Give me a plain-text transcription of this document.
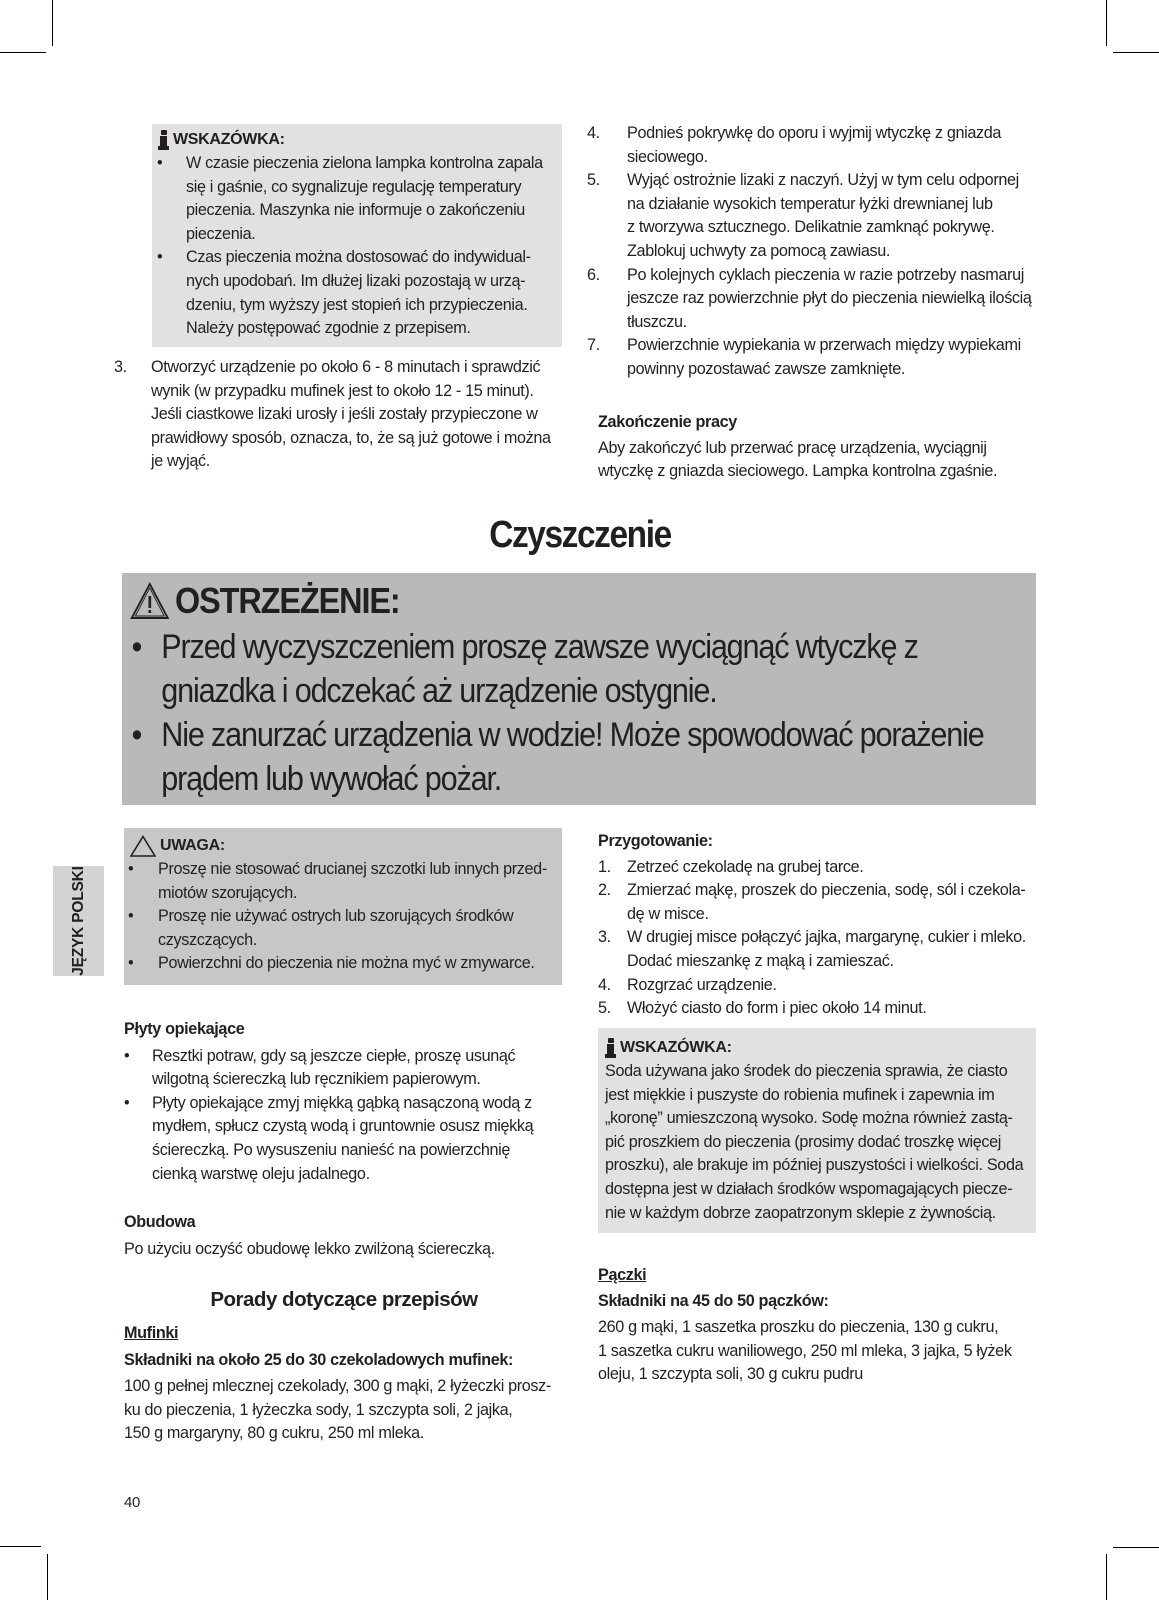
WSKAZÓWKA:
• W czasie pieczenia zielona lampka kontrolna zapala
się i gaśnie, co sygnalizuje regulację temperatury
pieczenia. Maszynka nie informuje o zakończeniu
pieczenia.
• Czas pieczenia można dostosować do indywidual-
nych upodobań. Im dłużej lizaki pozostają w urzą-
dzeniu, tym wyższy jest stopień ich przypieczenia.
Należy postępować zgodnie z przepisem.
3. Otworzyć urządzenie po około 6 - 8 minutach i sprawdzić
wynik (w przypadku mufinek jest to około 12 - 15 minut).
Jeśli ciastkowe lizaki urosły i jeśli zostały przypieczone w
prawidłowy sposób, oznacza, to, że są już gotowe i można
je wyjąć.
4. Podnieś pokrywkę do oporu i wyjmij wtyczkę z gniazda
sieciowego.
5. Wyjąć ostrożnie lizaki z naczyń. Użyj w tym celu odpornej
na działanie wysokich temperatur łyżki drewnianej lub
z tworzywa sztucznego. Delikatnie zamknąć pokrywę.
Zablokuj uchwyty za pomocą zawiasu.
6. Po kolejnych cyklach pieczenia w razie potrzeby nasmaruj
jeszcze raz powierzchnie płyt do pieczenia niewielką ilością
tłuszczu.
7. Powierzchnie wypiekania w przerwach między wypiekami
powinny pozostawać zawsze zamknięte.
Zakończenie pracy
Aby zakończyć lub przerwać pracę urządzenia, wyciągnij
wtyczkę z gniazda sieciowego. Lampka kontrolna zgaśnie.
Czyszczenie
OSTRZEŻENIE:
• Przed wyczyszczeniem proszę zawsze wyciągnąć wtyczkę z
gniazdka i odczekać aż urządzenie ostygnie.
• Nie zanurzać urządzenia w wodzie! Może spowodować porażenie
prądem lub wywołać pożar.
JĘZYK POLSKI
UWAGA:
• Proszę nie stosować drucianej szczotki lub innych przed-
miotów szorujących.
• Proszę nie używać ostrych lub szorujących środków
czyszczących.
• Powierzchni do pieczenia nie można myć w zmywarce.
Płyty opiekające
• Resztki potraw, gdy są jeszcze ciepłe, proszę usunąć
wilgotną ściereczką lub ręcznikiem papierowym.
• Płyty opiekające zmyj miękką gąbką nasączoną wodą z
mydłem, spłucz czystą wodą i gruntownie osusz miękką
ściereczką. Po wysuszeniu nanieść na powierzchnię
cienką warstwę oleju jadalnego.
Obudowa
Po użyciu oczyść obudowę lekko zwilżoną ściereczką.
Porady dotyczące przepisów
Mufinki
Składniki na około 25 do 30 czekoladowych mufinek:
100 g pełnej mlecznej czekolady, 300 g mąki, 2 łyżeczki prosz-
ku do pieczenia, 1 łyżeczka sody, 1 szczypta soli, 2 jajka,
150 g margaryny, 80 g cukru, 250 ml mleka.
40
Przygotowanie:
1. Zetrzeć czekoladę na grubej tarce.
2. Zmierzać mąkę, proszek do pieczenia, sodę, sól i czekola-
dę w misce.
3. W drugiej misce połączyć jajka, margarynę, cukier i mleko.
Dodać mieszankę z mąką i zamieszać.
4. Rozgrzać urządzenie.
5. Włożyć ciasto do form i piec około 14 minut.
WSKAZÓWKA:
Soda używana jako środek do pieczenia sprawia, że ciasto
jest miękkie i puszyste do robienia mufinek i zapewnia im
„koronę” umieszczoną wysoko. Sodę można również zastą-
pić proszkiem do pieczenia (prosimy dodać troszkę więcej
proszku), ale brakuje im później puszystości i wielkości. Soda
dostępna jest w działach środków wspomagających piecze-
nie w każdym dobrze zaopatrzonym sklepie z żywnością.
Pączki
Składniki na 45 do 50 pączków:
260 g mąki, 1 saszetka proszku do pieczenia, 130 g cukru,
1 saszetka cukru waniliowego, 250 ml mleka, 3 jajka, 5 łyżek
oleju, 1 szczypta soli, 30 g cukru pudru
